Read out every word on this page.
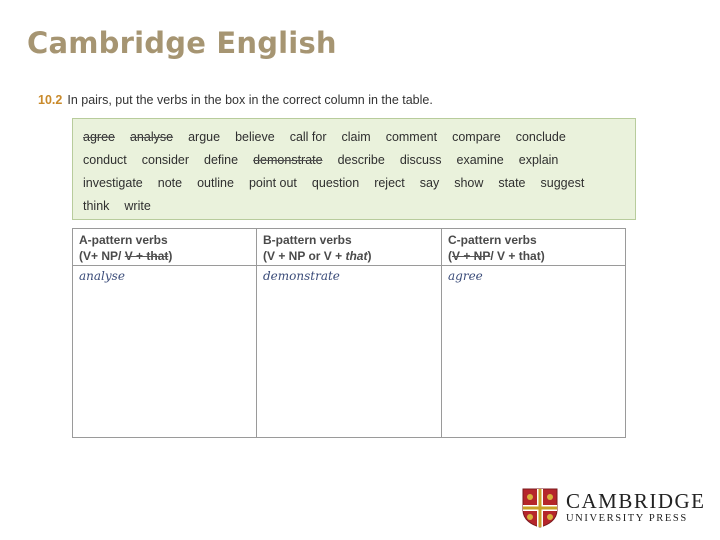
Cambridge English
10.2 In pairs, put the verbs in the box in the correct column in the table.
agree analyse argue believe call for claim comment compare conclude
conduct consider define demonstrate describe discuss examine explain
investigate note outline point out question reject say show state suggest
think write
A-pattern verbs
(V+ NP/ V + that)
analyse
B-pattern verbs
(V + NP or V + that)
demonstrate
C-pattern verbs
(V + NP/ V + that)
agree
CAMBRIDGE
UNIVERSITY PRESS
